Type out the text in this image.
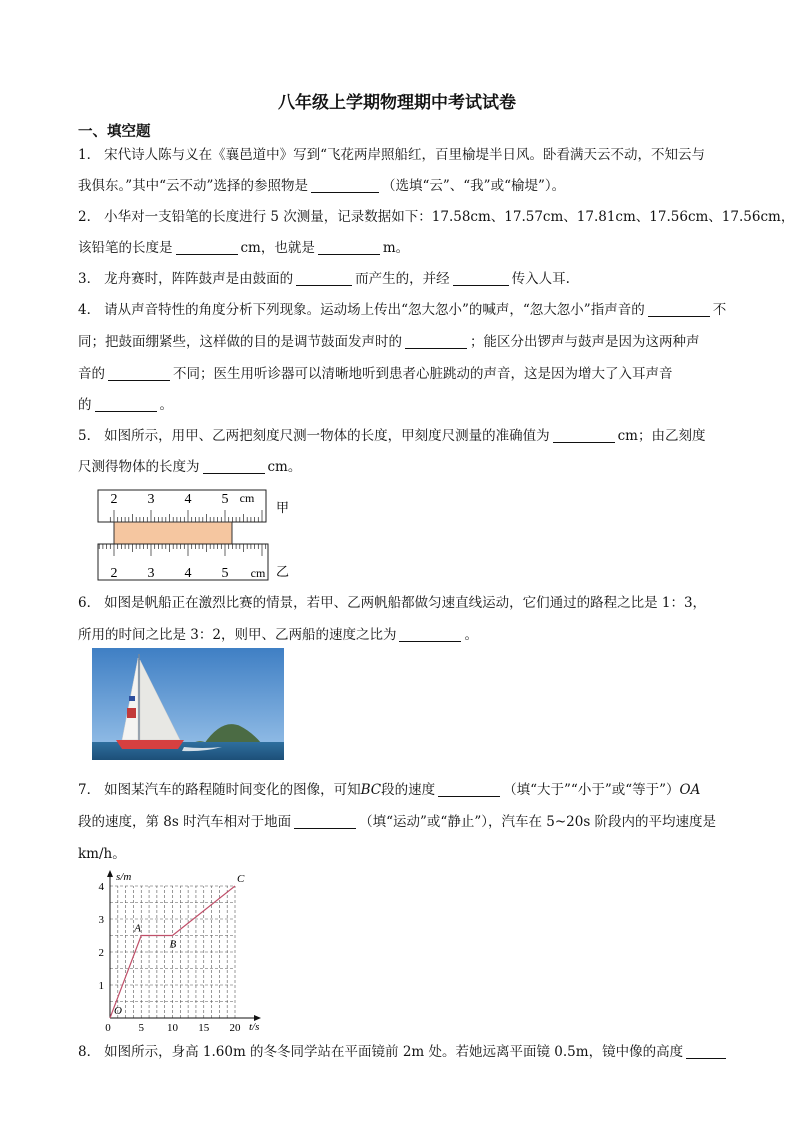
八年级上学期物理期中考试试卷
一、填空题
1． 宋代诗人陈与义在《襄邑道中》写到“飞花两岸照船红，百里榆堤半日风。卧看满天云不动，不知云与
我俱东。”其中“云不动”选择的参照物是	（选填“云”、“我”或“榆堤”）。
2． 小华对一支铅笔的长度进行 5 次测量，记录数据如下：17.58cm、17.57cm、17.81cm、17.56cm、17.56cm，
该铅笔的长度是	cm，也就是	m。
3． 龙舟赛时，阵阵鼓声是由鼓面的	而产生的，并经	传入人耳.
4． 请从声音特性的角度分析下列现象。运动场上传出“忽大忽小”的喊声，“忽大忽小”指声音的	不
同；把鼓面绷紧些，这样做的目的是调节鼓面发声时的	；能区分出锣声与鼓声是因为这两种声
音的	不同；医生用听诊器可以清晰地听到患者心脏跳动的声音，这是因为增大了入耳声音
的	。
5． 如图所示，用甲、乙两把刻度尺测一物体的长度，甲刻度尺测量的准确值为	cm；由乙刻度
尺测得物体的长度为	cm。
2 3 4 5 cm
甲
2 3 4 5 cm 乙
6． 如图是帆船正在激烈比赛的情景，若甲、乙两帆船都做匀速直线运动，它们通过的路程之比是 1：3，
所用的时间之比是 3：2，则甲、乙两船的速度之比为	。
7． 如图某汽车的路程随时间变化的图像，可知BC段的速度	（填“大于”“小于”或“等于”）OA
段的速度，第 8s 时汽车相对于地面	（填“运动”或“静止”），汽车在 5~20s 阶段内的平均速度是
km/h。
t/s
s/m
0	5 10 15 20
1
2
3
4
O
A
B
C
8． 如图所示，身高 1.60m 的冬冬同学站在平面镜前 2m 处。若她远离平面镜 0.5m，镜中像的高度
